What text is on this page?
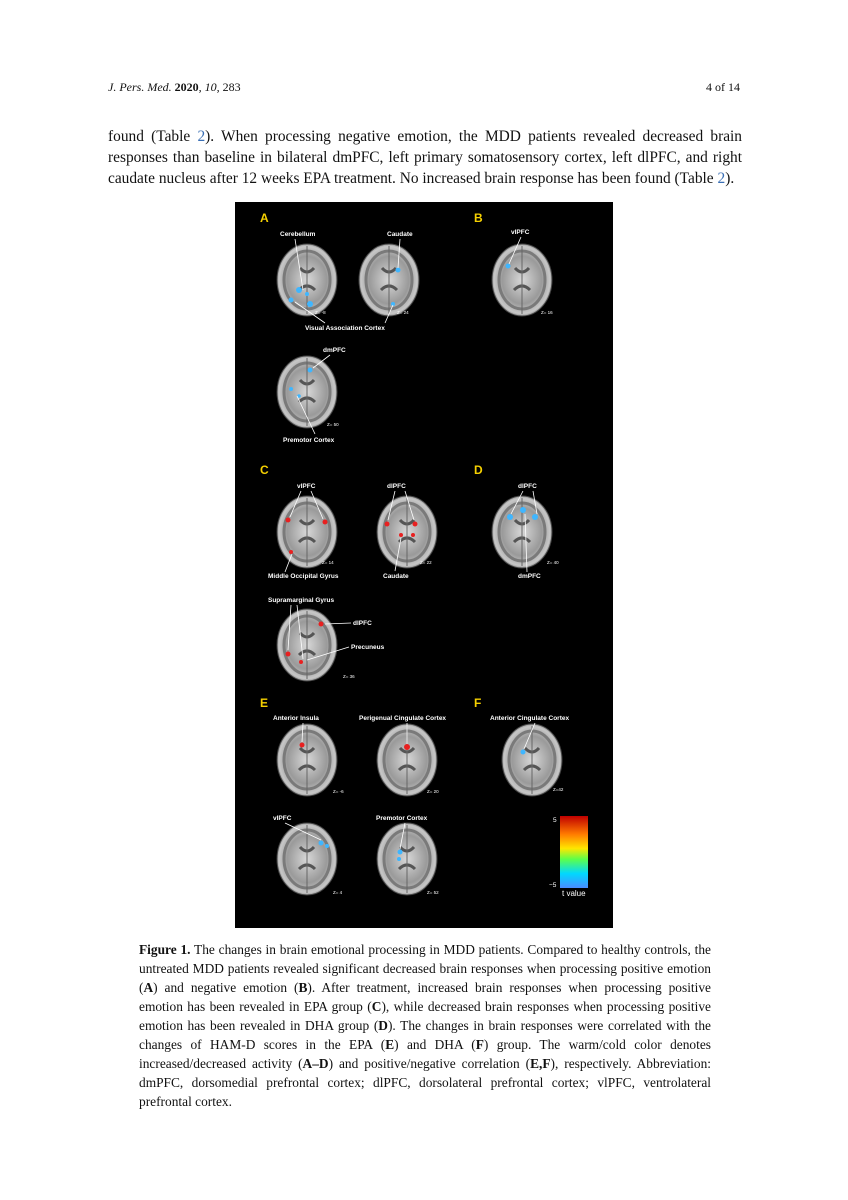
J. Pers. Med. 2020, 10, 283	4 of 14
found (Table 2). When processing negative emotion, the MDD patients revealed decreased brain responses than baseline in bilateral dmPFC, left primary somatosensory cortex, left dlPFC, and right caudate nucleus after 12 weeks EPA treatment. No increased brain response has been found (Table 2).
A	B
C	D
E	F
Cerebellum	Caudate	vlPFC
Visual Association Cortex
Z= -8	Z= 24	Z= 16
dmPFC
Z= 50
Premotor Cortex
vlPFC	dlPFC	dlPFC
Z= 14	Z= 22	Z= 40
Middle Occipital Gyrus	Caudate	dmPFC
Supramarginal Gyrus
dlPFC
Precuneus
Z= 36
Anterior Insula	Perigenual Cingulate Cortex	Anterior Cingulate Cortex
Z= -6	Z= 20	Z=42
vlPFC	Premotor Cortex
Z= 4	Z= 52
5
−5
t value
Figure 1. The changes in brain emotional processing in MDD patients. Compared to healthy controls, the untreated MDD patients revealed significant decreased brain responses when processing positive emotion (A) and negative emotion (B). After treatment, increased brain responses when processing positive emotion has been revealed in EPA group (C), while decreased brain responses when processing positive emotion has been revealed in DHA group (D). The changes in brain responses were correlated with the changes of HAM-D scores in the EPA (E) and DHA (F) group. The warm/cold color denotes increased/decreased activity (A–D) and positive/negative correlation (E,F), respectively. Abbreviation: dmPFC, dorsomedial prefrontal cortex; dlPFC, dorsolateral prefrontal cortex; vlPFC, ventrolateral prefrontal cortex.
